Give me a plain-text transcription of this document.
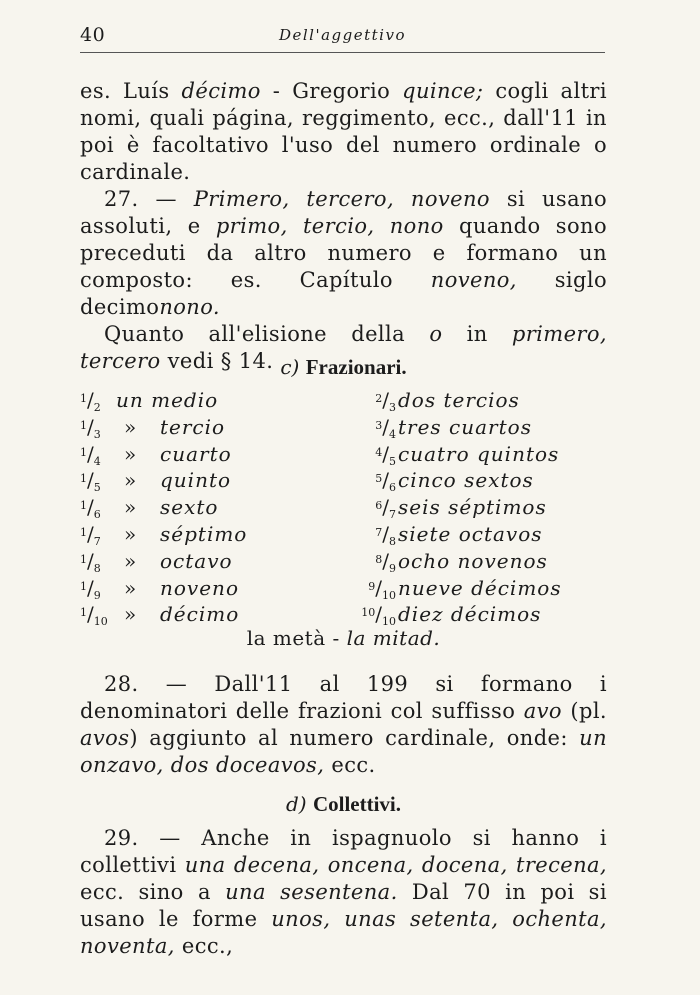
40	Dell'aggettivo

es. Luís décimo - Gregorio quince; cogli altri nomi, quali página, reggimento, ecc., dall'11 in poi è facoltativo l'uso del numero ordinale o cardinale.

27. — Primero, tercero, noveno si usano assoluti, e primo, tercio, nono quando sono preceduti da altro numero e formano un composto: es. Capítulo noveno, siglo decimonono.

Quanto all'elisione della o in primero, tercero vedi § 14. c) Frazionari.
$^1/_2$ un medio	$^2/_3$ dos tercios
$^1/_3$	» tercio	$^3/_4$ tres cuartos
$^1/_4$	» cuarto	$^4/_5$ cuatro quintos
$^1/_5$	» quinto	$^5/_6$ cinco sextos
$^1/_6$	» sexto	$^6/_7$ seis séptimos
$^1/_7$	» séptimo	$^7/_8$ siete octavos
$^1/_8$	» octavo	$^8/_9$ ocho novenos
$^1/_9$	» noveno	$^9/_{10}$ nueve décimos
$^1/_{10}$ » décimo	$^{10}/_{10}$ diez décimos
la metà - la mitad.

28. — Dall'11 al 199 si formano i denominatori delle frazioni col suffisso avo (pl. avos) aggiunto al numero cardinale, onde: un onzavo, dos doceavos, ecc.

d) Collettivi.

29. — Anche in ispagnuolo si hanno i collettivi una decena, oncena, docena, trecena, ecc. sino a una sesentena. Dal 70 in poi si usano le forme unos, unas setenta, ochenta, noventa, ecc.,
